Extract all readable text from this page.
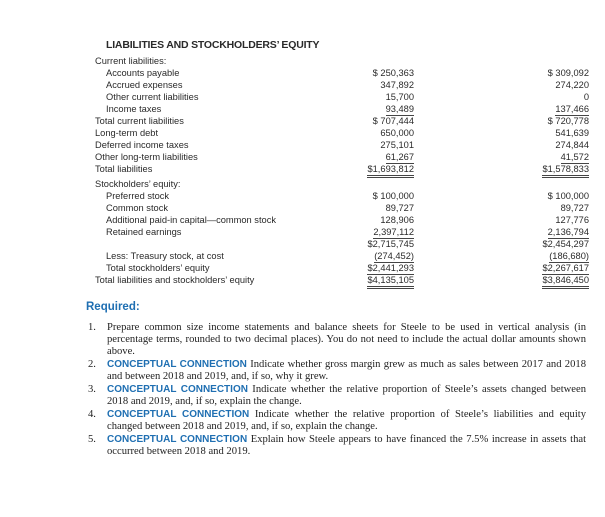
LIABILITIES AND STOCKHOLDERS’ EQUITY
Current liabilities:
Accounts payable	$ 250,363	$ 309,092
Accrued expenses	347,892	274,220
Other current liabilities	15,700	0
Income taxes	93,489	137,466
Total current liabilities	$ 707,444	$ 720,778
Long-term debt	650,000	541,639
Deferred income taxes	275,101	274,844
Other long-term liabilities	61,267	41,572
Total liabilities	$1,693,812	$1,578,833
Stockholders’ equity:
Preferred stock	$ 100,000	$ 100,000
Common stock	89,727	89,727
Additional paid-in capital—common stock	128,906	127,776
Retained earnings	2,397,112	2,136,794
$2,715,745	$2,454,297
Less: Treasury stock, at cost	(274,452)	(186,680)
Total stockholders’ equity	$2,441,293	$2,267,617
Total liabilities and stockholders’ equity	$4,135,105	$3,846,450
Required:
1. Prepare common size income statements and balance sheets for Steele to be used in vertical analysis (in percentage terms, rounded to two decimal places). You do not need to include the actual dollar amounts shown above.
2. CONCEPTUAL CONNECTION Indicate whether gross margin grew as much as sales between 2017 and 2018 and between 2018 and 2019, and, if so, why it grew.
3. CONCEPTUAL CONNECTION Indicate whether the relative proportion of Steele’s assets changed between 2018 and 2019, and, if so, explain the change.
4. CONCEPTUAL CONNECTION Indicate whether the relative proportion of Steele’s liabilities and equity changed between 2018 and 2019, and, if so, explain the change.
5. CONCEPTUAL CONNECTION Explain how Steele appears to have financed the 7.5% increase in assets that occurred between 2018 and 2019.
